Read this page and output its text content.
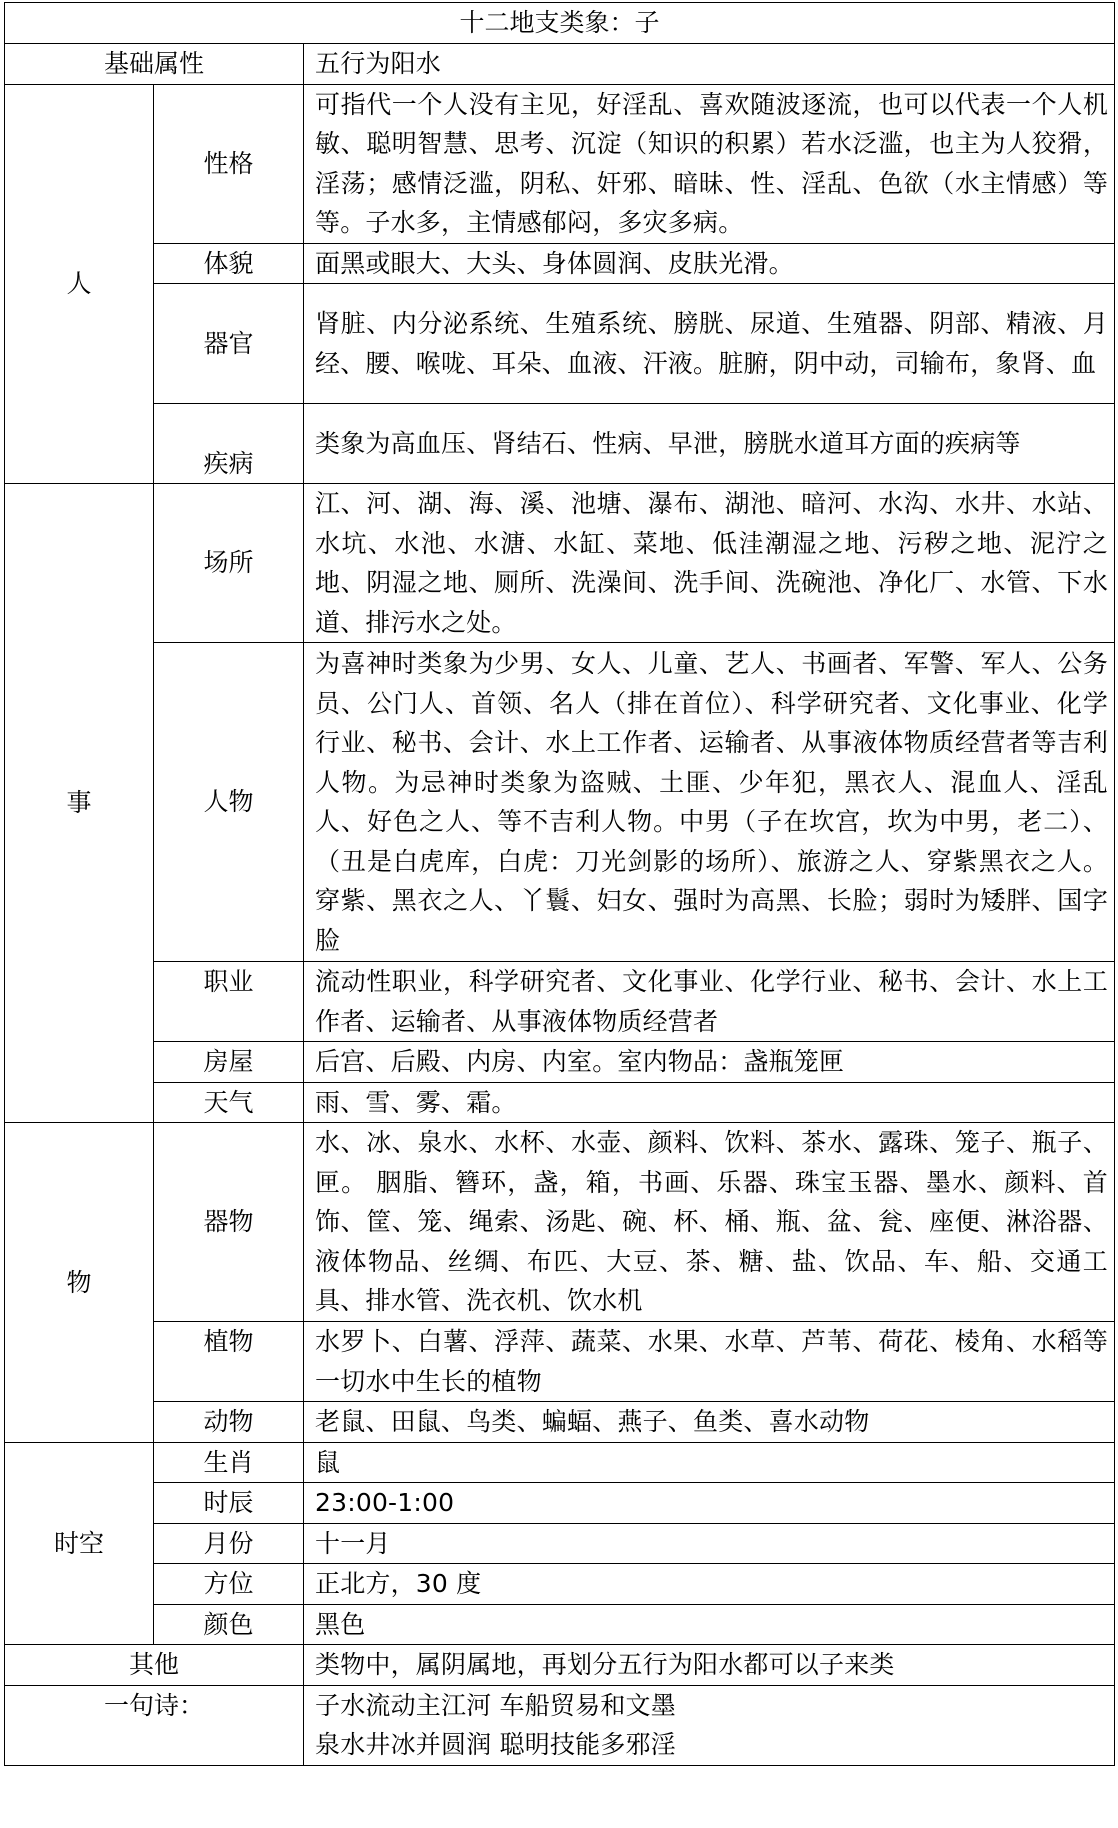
十二地支类象：子		
基础属性		五行为阳水
人	性格	可指代一个人没有主见，好淫乱、喜欢随波逐流，也可以代表一个人机敏、聪明智慧、思考、沉淀（知识的积累）若水泛滥，也主为人狡猾，淫荡；感情泛滥，阴私、奸邪、暗昧、性、淫乱、色欲（水主情感）等等。子水多，主情感郁闷，多灾多病。
	体貌	面黑或眼大、大头、身体圆润、皮肤光滑。
	器官	肾脏、内分泌系统、生殖系统、膀胱、尿道、生殖器、阴部、精液、月经、腰、喉咙、耳朵、血液、汗液。脏腑，阴中动，司输布，象肾、血
	疾病	类象为高血压、肾结石、性病、早泄，膀胱水道耳方面的疾病等
事	场所	江、河、湖、海、溪、池塘、瀑布、湖池、暗河、水沟、水井、水站、水坑、水池、水溏、水缸、菜地、低洼潮湿之地、污秽之地、泥泞之地、阴湿之地、厕所、洗澡间、洗手间、洗碗池、净化厂、水管、下水道、排污水之处。
	人物	为喜神时类象为少男、女人、儿童、艺人、书画者、军警、军人、公务员、公门人、首领、名人（排在首位）、科学研究者、文化事业、化学行业、秘书、会计、水上工作者、运输者、从事液体物质经营者等吉利人物。为忌神时类象为盗贼、土匪、少年犯，黑衣人、混血人、淫乱人、好色之人、等不吉利人物。中男（子在坎宫，坎为中男，老二）、（丑是白虎库，白虎：刀光剑影的场所）、旅游之人、穿紫黑衣之人。穿紫、黑衣之人、丫鬟、妇女、强时为高黑、长脸；弱时为矮胖、国字脸
	职业	流动性职业，科学研究者、文化事业、化学行业、秘书、会计、水上工作者、运输者、从事液体物质经营者
	房屋	后宫、后殿、内房、内室。室内物品：盏瓶笼匣
	天气	雨、雪、雾、霜。
物	器物	水、冰、泉水、水杯、水壶、颜料、饮料、茶水、露珠、笼子、瓶子、匣。 胭脂、簪环，盏，箱，书画、乐器、珠宝玉器、墨水、颜料、首饰、筐、笼、绳索、汤匙、碗、杯、桶、瓶、盆、瓮、座便、淋浴器、液体物品、丝绸、布匹、大豆、茶、糖、盐、饮品、车、船、交通工具、排水管、洗衣机、饮水机
	植物	水罗卜、白薯、浮萍、蔬菜、水果、水草、芦苇、荷花、棱角、水稻等一切水中生长的植物
	动物	老鼠、田鼠、鸟类、蝙蝠、燕子、鱼类、喜水动物
时空	生肖	鼠
	时辰	23:00-1:00
	月份	十一月
	方位	正北方，30 度
	颜色	黑色
其他		类物中，属阴属地，再划分五行为阳水都可以子来类
一句诗：		子水流动主江河 车船贸易和文墨
泉水井冰并圆润 聪明技能多邪淫
